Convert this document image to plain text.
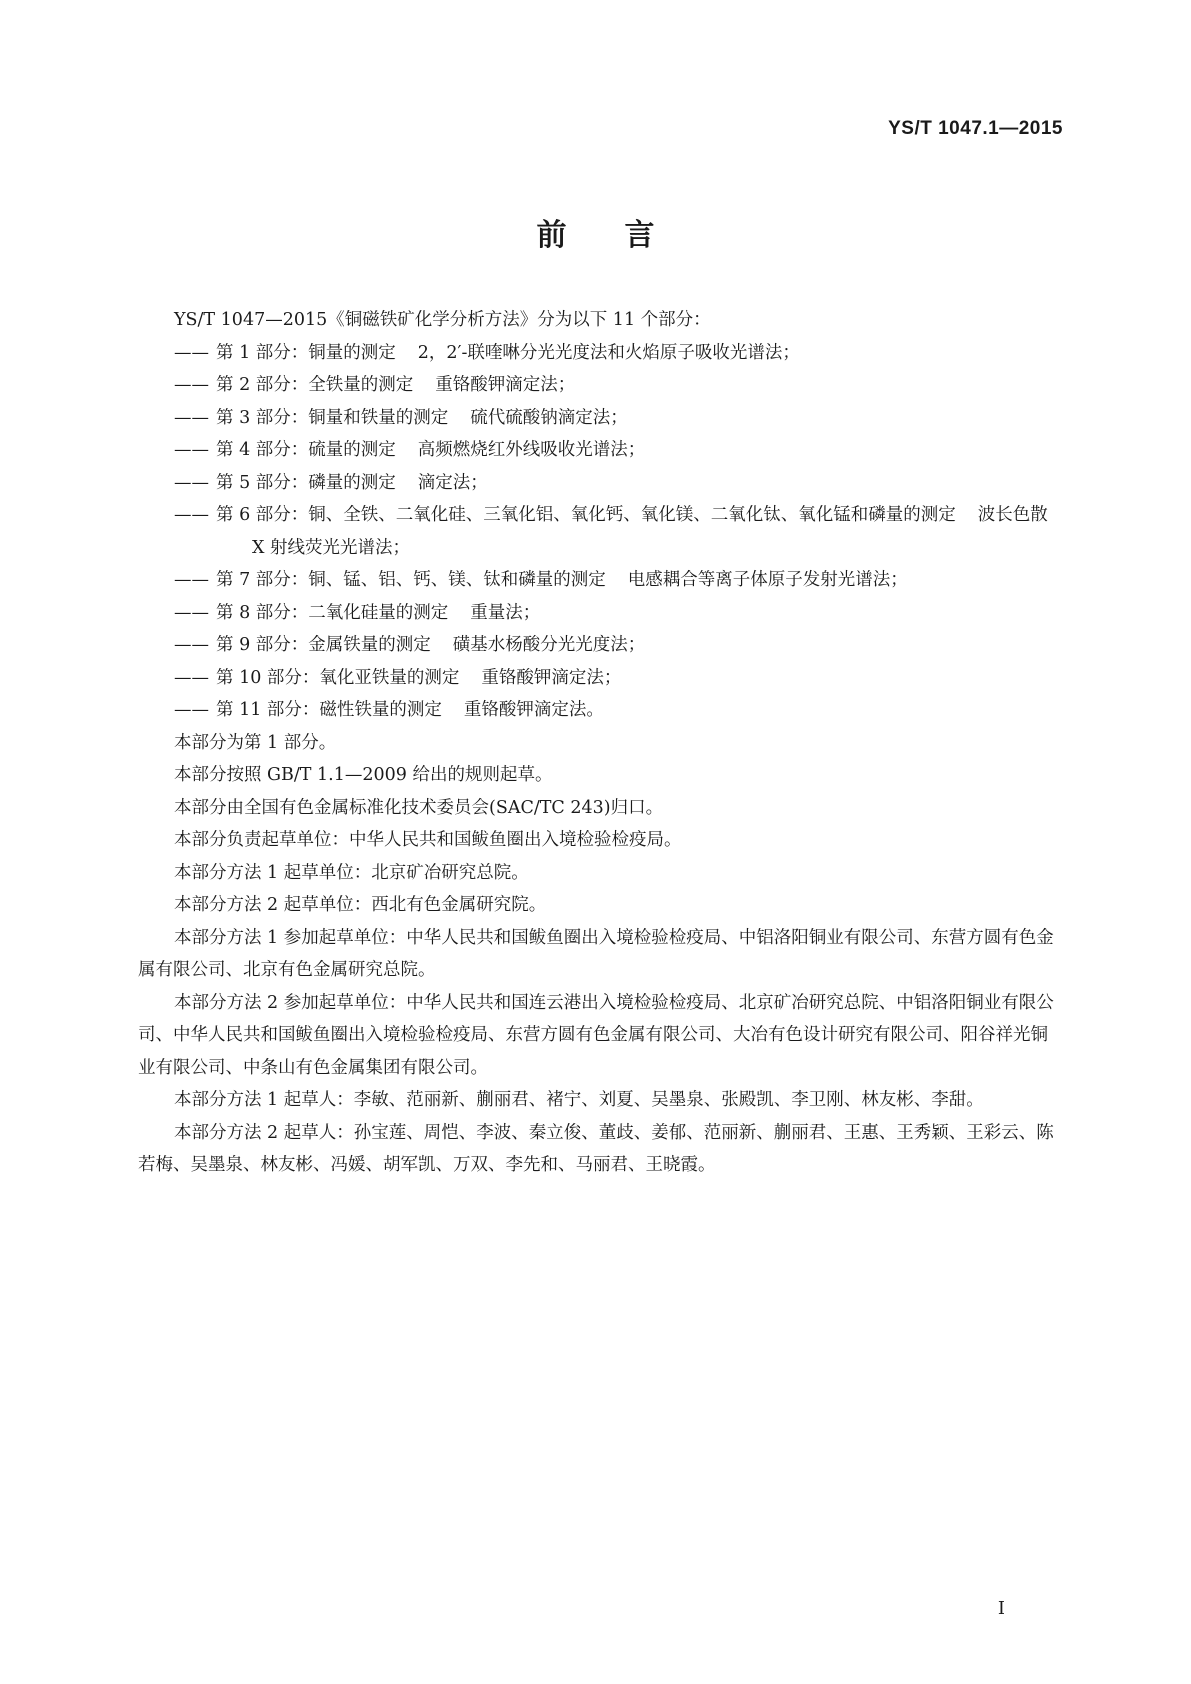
YS/T 1047.1—2015
前 言

YS/T 1047—2015《铜磁铁矿化学分析方法》分为以下 11 个部分：

—— 第 1 部分：铜量的测定 2，2′-联喹啉分光光度法和火焰原子吸收光谱法；

—— 第 2 部分：全铁量的测定 重铬酸钾滴定法；

—— 第 3 部分：铜量和铁量的测定 硫代硫酸钠滴定法；

—— 第 4 部分：硫量的测定 高频燃烧红外线吸收光谱法；

—— 第 5 部分：磷量的测定 滴定法；

—— 第 6 部分：铜、全铁、二氧化硅、三氧化铝、氧化钙、氧化镁、二氧化钛、氧化锰和磷量的测定 波长色散 X 射线荧光光谱法；

—— 第 7 部分：铜、锰、铝、钙、镁、钛和磷量的测定 电感耦合等离子体原子发射光谱法；

—— 第 8 部分：二氧化硅量的测定 重量法；

—— 第 9 部分：金属铁量的测定 磺基水杨酸分光光度法；

—— 第 10 部分：氧化亚铁量的测定 重铬酸钾滴定法；

—— 第 11 部分：磁性铁量的测定 重铬酸钾滴定法。

本部分为第 1 部分。

本部分按照 GB/T 1.1—2009 给出的规则起草。

本部分由全国有色金属标准化技术委员会(SAC/TC 243)归口。

本部分负责起草单位：中华人民共和国鲅鱼圈出入境检验检疫局。

本部分方法 1 起草单位：北京矿冶研究总院。

本部分方法 2 起草单位：西北有色金属研究院。

本部分方法 1 参加起草单位：中华人民共和国鲅鱼圈出入境检验检疫局、中铝洛阳铜业有限公司、东营方圆有色金属有限公司、北京有色金属研究总院。

本部分方法 2 参加起草单位：中华人民共和国连云港出入境检验检疫局、北京矿冶研究总院、中铝洛阳铜业有限公司、中华人民共和国鲅鱼圈出入境检验检疫局、东营方圆有色金属有限公司、大冶有色设计研究有限公司、阳谷祥光铜业有限公司、中条山有色金属集团有限公司。

本部分方法 1 起草人：李敏、范丽新、蒯丽君、褚宁、刘夏、吴墨泉、张殿凯、李卫刚、林友彬、李甜。

本部分方法 2 起草人：孙宝莲、周恺、李波、秦立俊、董歧、姜郁、范丽新、蒯丽君、王惠、王秀颖、王彩云、陈若梅、吴墨泉、林友彬、冯媛、胡军凯、万双、李先和、马丽君、王晓霞。

I
